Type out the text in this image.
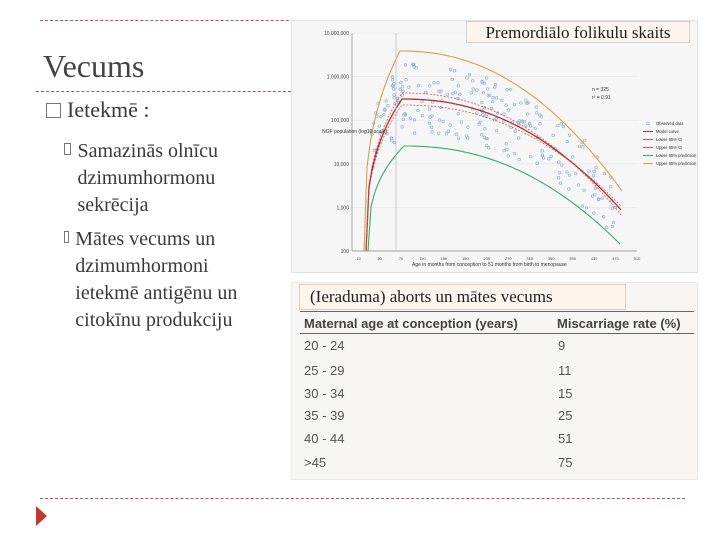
Vecums
Ietekmē :
Samazinās olnīcu dzimumhormonu sekrēcija
Mātes vecums un dzimumhormoni ietekmē antigēnu un citokīnu produkciju
10,000,000
1,000,000
100,000
10,000
1,000
100
-10	30	70	110	150	190	230	270	310	350	390	430	470	510
NGF population (log10 scale)
Age in months from conception to 51 months from birth to menopause
n = 325
r² = 0.91
Observed data
Model curve
Lower 95% CI
Upper 95% CI
Lower 95% prediction
Upper 95% prediction
Premordiālo folikulu skaits
Maternal age at conception (years)	Miscarriage rate (%)
20 - 24	9
25 - 29	11
30 - 34	15
35 - 39	25
40 - 44	51
>45	75
(Ieraduma) aborts un mātes vecums
